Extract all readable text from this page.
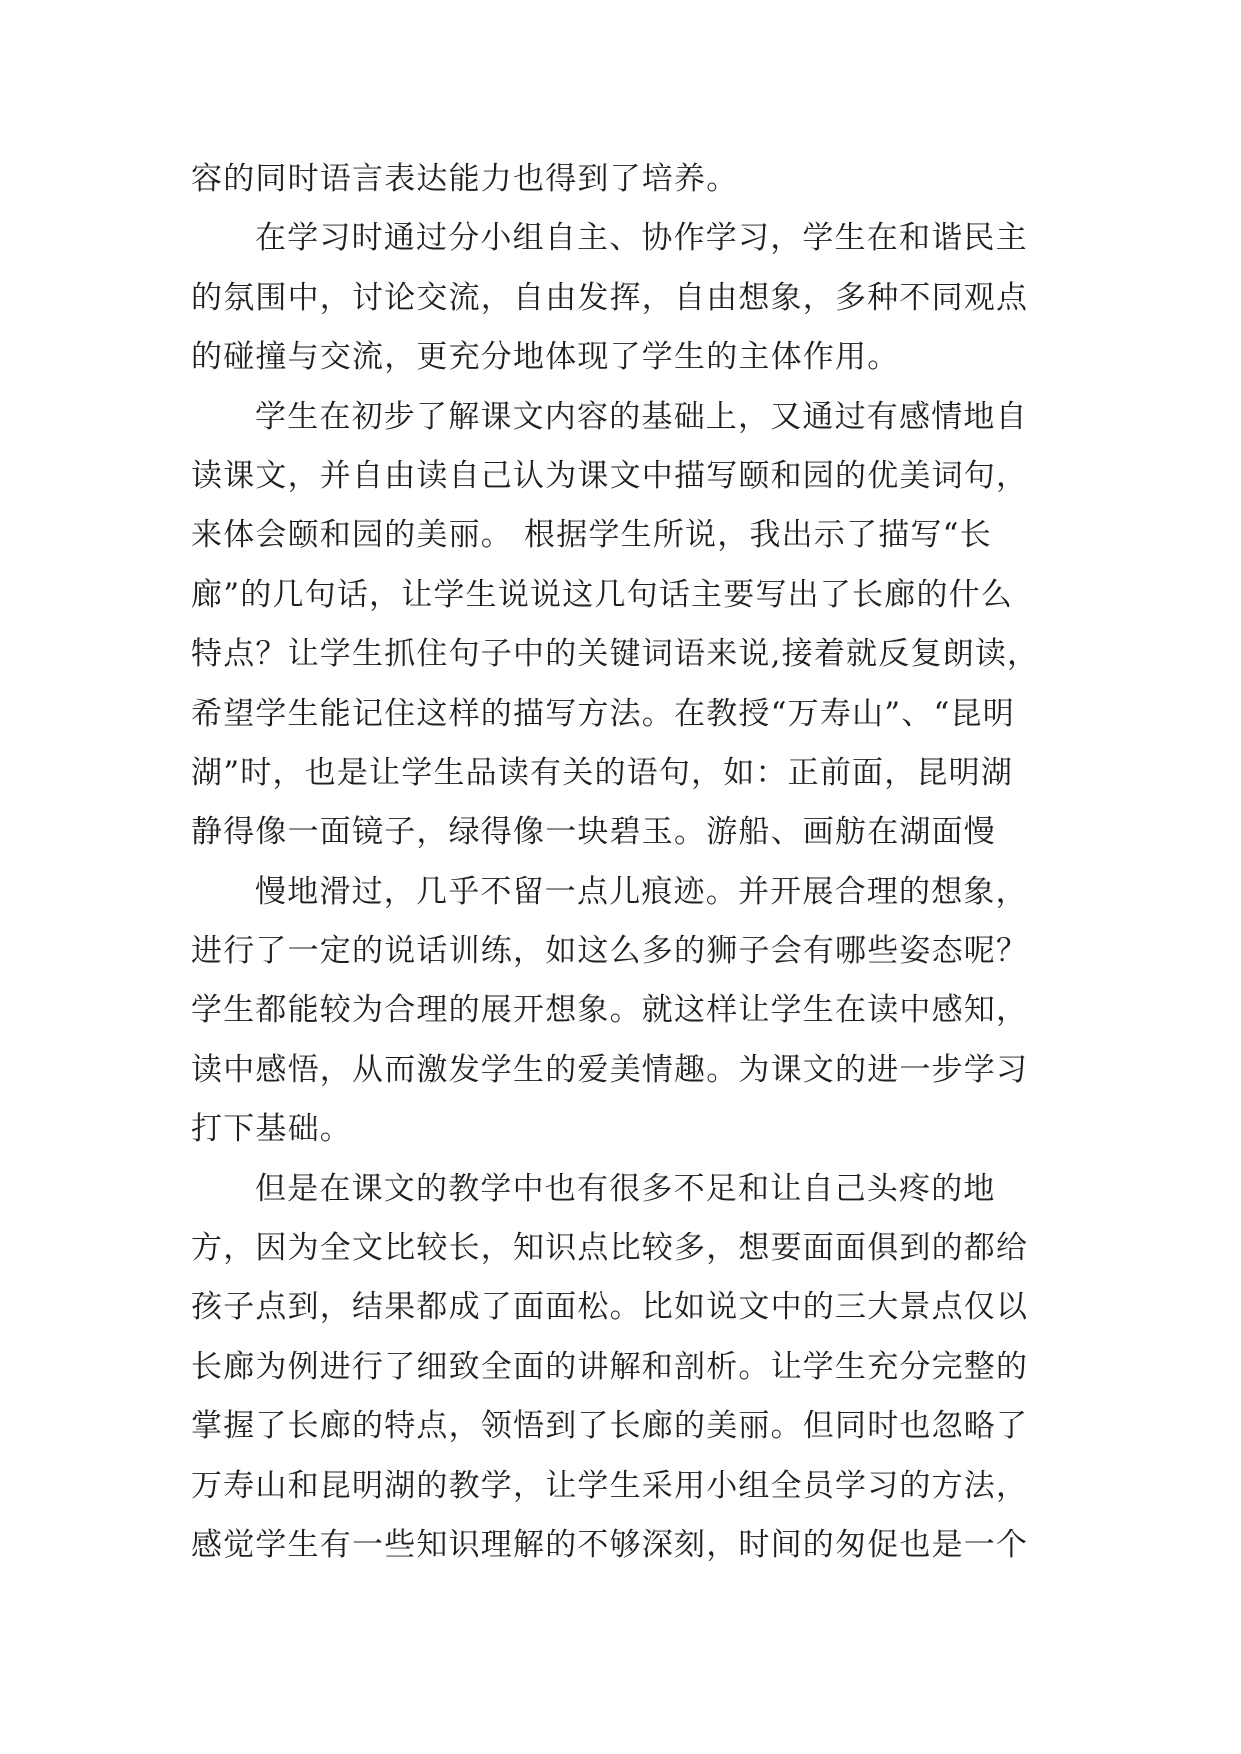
容的同时语言表达能力也得到了培养。
在学习时通过分小组自主、协作学习，学生在和谐民主
的氛围中，讨论交流，自由发挥，自由想象，多种不同观点
的碰撞与交流，更充分地体现了学生的主体作用。
学生在初步了解课文内容的基础上，又通过有感情地自
读课文，并自由读自己认为课文中描写颐和园的优美词句，
来体会颐和园的美丽。 根据学生所说，我出示了描写“长
廊”的几句话，让学生说说这几句话主要写出了长廊的什么
特点？让学生抓住句子中的关键词语来说,接着就反复朗读，
希望学生能记住这样的描写方法。在教授“万寿山”、“昆明
湖”时，也是让学生品读有关的语句，如：正前面，昆明湖
静得像一面镜子，绿得像一块碧玉。游船、画舫在湖面慢
慢地滑过，几乎不留一点儿痕迹。并开展合理的想象，
进行了一定的说话训练，如这么多的狮子会有哪些姿态呢？
学生都能较为合理的展开想象。就这样让学生在读中感知，
读中感悟，从而激发学生的爱美情趣。为课文的进一步学习
打下基础。
但是在课文的教学中也有很多不足和让自己头疼的地
方，因为全文比较长，知识点比较多，想要面面俱到的都给
孩子点到，结果都成了面面松。比如说文中的三大景点仅以
长廊为例进行了细致全面的讲解和剖析。让学生充分完整的
掌握了长廊的特点，领悟到了长廊的美丽。但同时也忽略了
万寿山和昆明湖的教学，让学生采用小组全员学习的方法，
感觉学生有一些知识理解的不够深刻，时间的匆促也是一个
